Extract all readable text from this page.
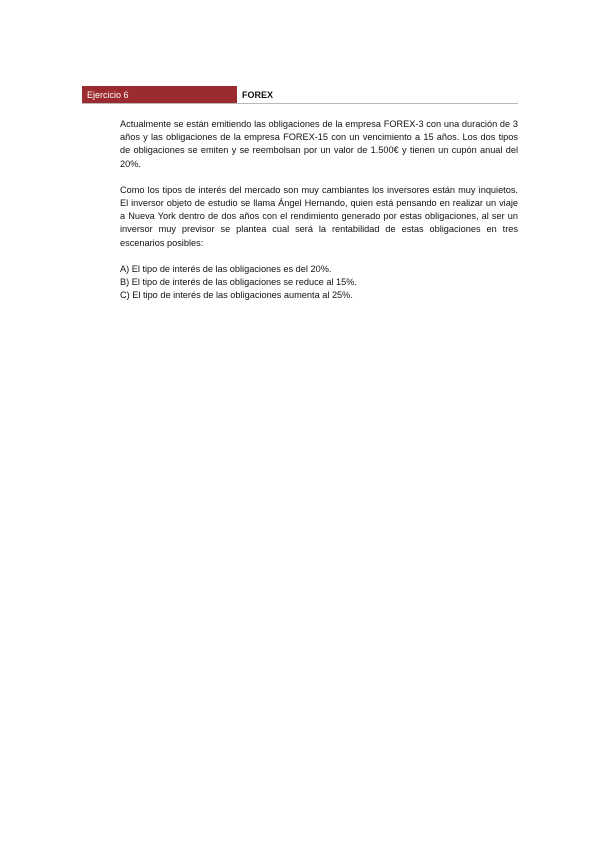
Ejercicio 6	FOREX

Actualmente se están emitiendo las obligaciones de la empresa FOREX-3 con una duración de 3 años y las obligaciones de la empresa FOREX-15 con un vencimiento a 15 años. Los dos tipos de obligaciones se emiten y se reembolsan por un valor de 1.500€ y tienen un cupón anual del 20%.

Como los tipos de interés del mercado son muy cambiantes los inversores están muy inquietos. El inversor objeto de estudio se llama Ángel Hernando, quien está pensando en realizar un viaje a Nueva York dentro de dos años con el rendimiento generado por estas obligaciones, al ser un inversor muy previsor se plantea cual será la rentabilidad de estas obligaciones en tres escenarios posibles:

A) El tipo de interés de las obligaciones es del 20%.
B) El tipo de interés de las obligaciones se reduce al 15%.
C) El tipo de interés de las obligaciones aumenta al 25%.
